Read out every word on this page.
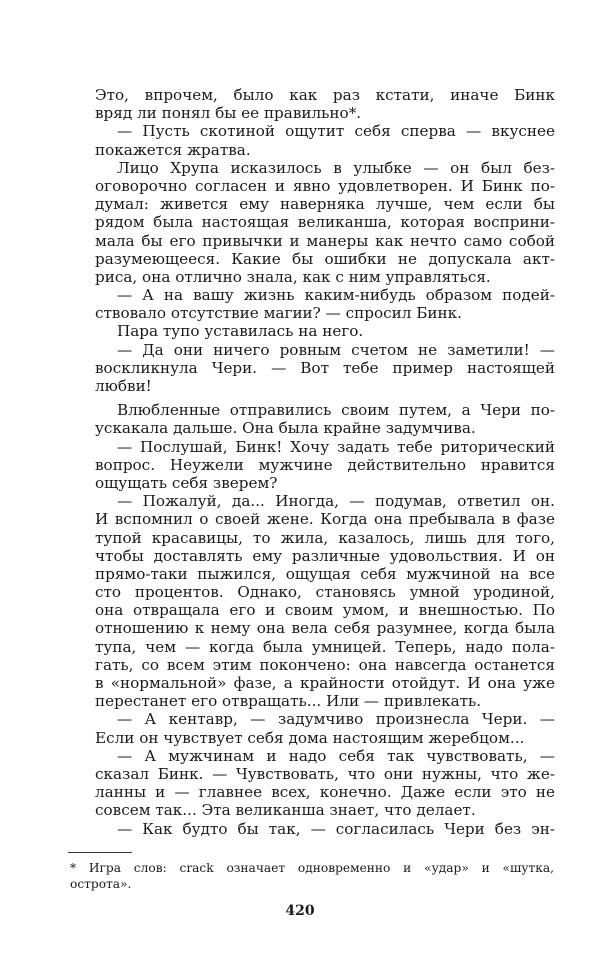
Это, впрочем, было как раз кстати, иначе Бинк
вряд ли понял бы ее правильно*.
— Пусть скотиной ощутит себя сперва — вкуснее
покажется жратва.
Лицо Хрупа исказилось в улыбке — он был без-
оговорочно согласен и явно удовлетворен. И Бинк по-
думал: живется ему наверняка лучше, чем если бы
рядом была настоящая великанша, которая восприни-
мала бы его привычки и манеры как нечто само собой
разумеющееся. Какие бы ошибки не допускала акт-
риса, она отлично знала, как с ним управляться.
— А на вашу жизнь каким-нибудь образом подей-
ствовало отсутствие магии? — спросил Бинк.
Пара тупо уставилась на него.
— Да они ничего ровным счетом не заметили! —
воскликнула Чери. — Вот тебе пример настоящей
любви!
Влюбленные отправились своим путем, а Чери по-
ускакала дальше. Она была крайне задумчива.
— Послушай, Бинк! Хочу задать тебе риторический
вопрос. Неужели мужчине действительно нравится
ощущать себя зверем?
— Пожалуй, да... Иногда, — подумав, ответил он.
И вспомнил о своей жене. Когда она пребывала в фазе
тупой красавицы, то жила, казалось, лишь для того,
чтобы доставлять ему различные удовольствия. И он
прямо-таки пыжился, ощущая себя мужчиной на все
сто процентов. Однако, становясь умной уродиной,
она отвращала его и своим умом, и внешностью. По
отношению к нему она вела себя разумнее, когда была
тупа, чем — когда была умницей. Теперь, надо пола-
гать, со всем этим покончено: она навсегда останется
в «нормальной» фазе, а крайности отойдут. И она уже
перестанет его отвращать... Или — привлекать.
— А кентавр, — задумчиво произнесла Чери. —
Если он чувствует себя дома настоящим жеребцом...
— А мужчинам и надо себя так чувствовать, —
сказал Бинк. — Чувствовать, что они нужны, что же-
ланны и — главнее всех, конечно. Даже если это не
совсем так... Эта великанша знает, что делает.
— Как будто бы так, — согласилась Чери без эн-
* Игра слов: crack означает одновременно и «удар» и «шутка,
острота».
420
